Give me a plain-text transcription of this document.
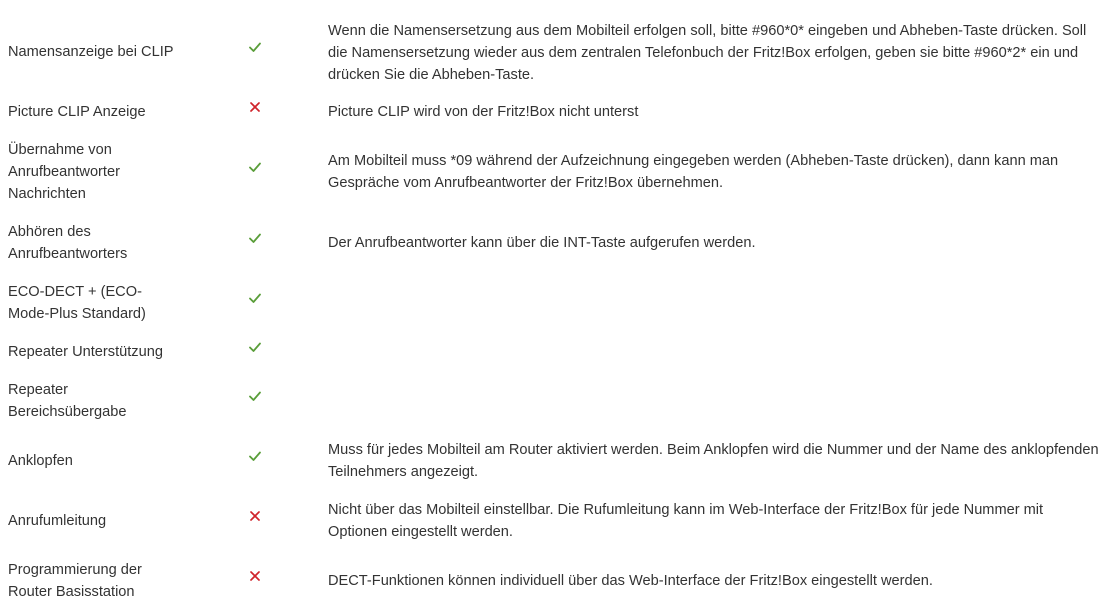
Namensanzeige bei CLIP
Wenn die Namensersetzung aus dem Mobilteil erfolgen soll, bitte #960*0* eingeben und Abheben-Taste drücken. Soll die Namensersetzung wieder aus dem zentralen Telefonbuch der Fritz!Box erfolgen, geben sie bitte #960*2* ein und drücken Sie die Abheben-Taste.
Picture CLIP Anzeige	Picture CLIP wird von der Fritz!Box nicht unterst
Übernahme von Anrufbeantworter Nachrichten
Am Mobilteil muss *09 während der Aufzeichnung eingegeben werden (Abheben-Taste drücken), dann kann man Gespräche vom Anrufbeantworter der Fritz!Box übernehmen.
Abhören des Anrufbeantworters
Der Anrufbeantworter kann über die INT-Taste aufgerufen werden.
ECO-DECT + (ECO-Mode-Plus Standard)
Repeater Unterstützung
Repeater Bereichsübergabe
Anklopfen
Muss für jedes Mobilteil am Router aktiviert werden. Beim Anklopfen wird die Nummer und der Name des anklopfenden Teilnehmers angezeigt.
Anrufumleitung
Nicht über das Mobilteil einstellbar. Die Rufumleitung kann im Web-Interface der Fritz!Box für jede Nummer mit Optionen eingestellt werden.
Programmierung der Router Basisstation
DECT-Funktionen können individuell über das Web-Interface der Fritz!Box eingestellt werden.
